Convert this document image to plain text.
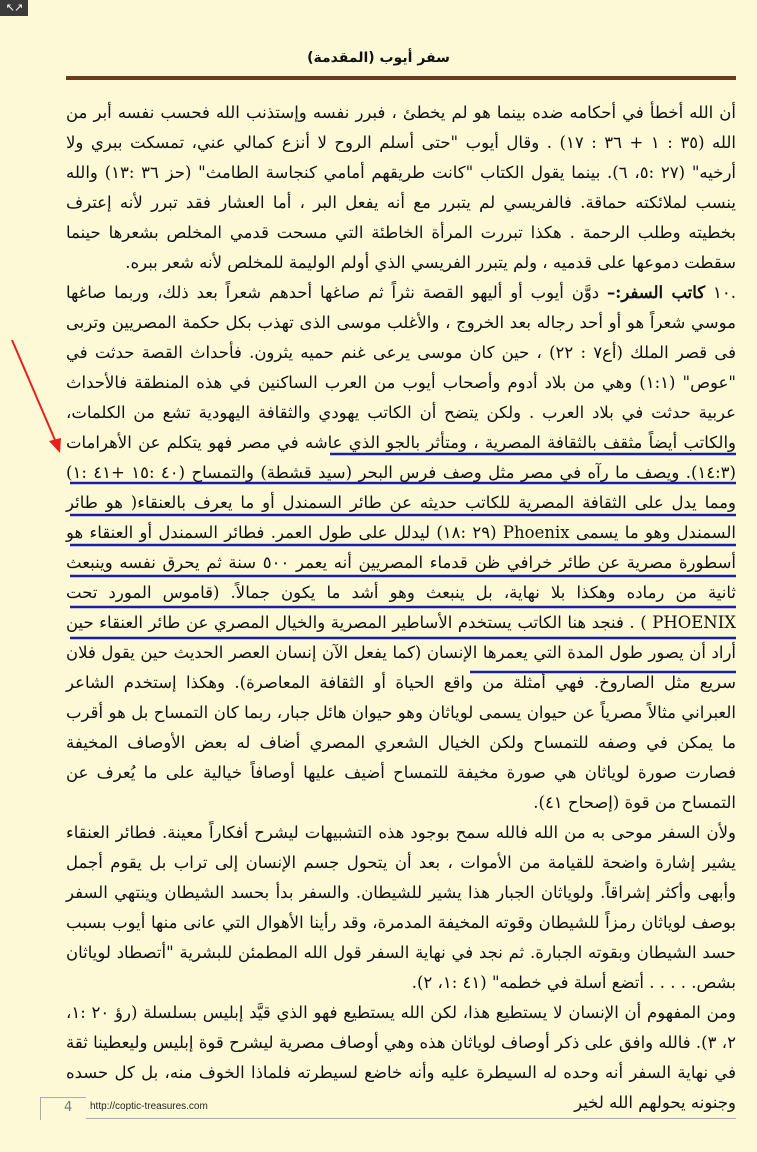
↖↗
سفر أيوب (المقدمة)

أن الله أخطأ في أحكامه ضده بينما هو لم يخطئ ، فبرر نفسه وإستذنب الله فحسب نفسه أبر من الله (٣٥ : ١ + ٣٦ : ١٧) . وقال أيوب "حتى أسلم الروح لا أنزع كمالي عني، تمسكت ببري ولا أرخيه" (٢٧ :٥، ٦). بينما يقول الكتاب "كانت طريقهم أمامي كنجاسة الطامث" (حز ٣٦ :١٣) والله ينسب لملائكته حماقة. فالفريسي لم يتبرر مع أنه يفعل البر ، أما العشار فقد تبرر لأنه إعترف بخطيته وطلب الرحمة . هكذا تبررت المرأة الخاطئة التي مسحت قدمي المخلص بشعرها حينما سقطت دموعها على قدميه ، ولم يتبرر الفريسي الذي أولم الوليمة للمخلص لأنه شعر ببره.

.١٠ كاتب السفر:– دوَّن أيوب أو أليهو القصة نثراً ثم صاغها أحدهم شعراً بعد ذلك، وربما صاغها موسي شعراً هو أو أحد رجاله بعد الخروج ، والأغلب موسى الذى تهذب بكل حكمة المصريين وتربى فى قصر الملك (أع٧ : ٢٢) ، حين كان موسى يرعى غنم حميه يثرون. فأحداث القصة حدثت في "عوص" (١:١) وهي من بلاد أدوم وأصحاب أيوب من العرب الساكنين في هذه المنطقة فالأحداث عربية حدثت في بلاد العرب . ولكن يتضح أن الكاتب يهودي والثقافة اليهودية تشع من الكلمات، والكاتب أيضاً مثقف بالثقافة المصرية ، ومتأثر بالجو الذي عاشه في مصر فهو يتكلم عن الأهرامات (١٤:٣). ويصف ما رآه في مصر مثل وصف فرس البحر (سيد قشطة) والتمساح (٤٠ :١٥ +٤١ :١) ومما يدل على الثقافة المصرية للكاتب حديثه عن طائر السمندل أو ما يعرف بالعنقاء( هو طائر السمندل وهو ما يسمى Phoenix (٢٩ :١٨) ليدلل على طول العمر. فطائر السمندل أو العنقاء هو أسطورة مصرية عن طائر خرافي ظن قدماء المصريين أنه يعمر ٥٠٠ سنة ثم يحرق نفسه وينبعث ثانية من رماده وهكذا بلا نهاية، بل ينبعث وهو أشد ما يكون جمالاً. (قاموس المورد تحت PHOENIX ) . فنجد هنا الكاتب يستخدم الأساطير المصرية والخيال المصري عن طائر العنقاء حين أراد أن يصور طول المدة التي يعمرها الإنسان (كما يفعل الآن إنسان العصر الحديث حين يقول فلان سريع مثل الصاروخ. فهي أمثلة من واقع الحياة أو الثقافة المعاصرة). وهكذا إستخدم الشاعر العبراني مثالاً مصرياً عن حيوان يسمى لوياثان وهو حيوان هائل جبار، ربما كان التمساح بل هو أقرب ما يمكن في وصفه للتمساح ولكن الخيال الشعري المصري أضاف له بعض الأوصاف المخيفة فصارت صورة لوياثان هي صورة مخيفة للتمساح أضيف عليها أوصافاً خيالية على ما يُعرف عن التمساح من قوة (إصحاح ٤١).

ولأن السفر موحى به من الله فالله سمح بوجود هذه التشبيهات ليشرح أفكاراً معينة. فطائر العنقاء يشير إشارة واضحة للقيامة من الأموات ، بعد أن يتحول جسم الإنسان إلى تراب بل يقوم أجمل وأبهى وأكثر إشراقاً. ولوياثان الجبار هذا يشير للشيطان. والسفر بدأ بحسد الشيطان وينتهي السفر بوصف لوياثان رمزاً للشيطان وقوته المخيفة المدمرة، وقد رأينا الأهوال التي عانى منها أيوب بسبب حسد الشيطان وبقوته الجبارة. ثم نجد في نهاية السفر قول الله المطمئن للبشرية "أتصطاد لوياثان بشص. . . . . أتضع أسلة في خطمه" (٤١ :١، ٢).

ومن المفهوم أن الإنسان لا يستطيع هذا، لكن الله يستطيع فهو الذي قيَّد إبليس بسلسلة (رؤ ٢٠ :١، ٢، ٣). فالله وافق على ذكر أوصاف لوياثان هذه وهي أوصاف مصرية ليشرح قوة إبليس وليعطينا ثقة في نهاية السفر أنه وحده له السيطرة عليه وأنه خاضع لسيطرته فلماذا الخوف منه، بل كل حسده وجنونه يحولهم الله لخير

4 http://coptic-treasures.com
